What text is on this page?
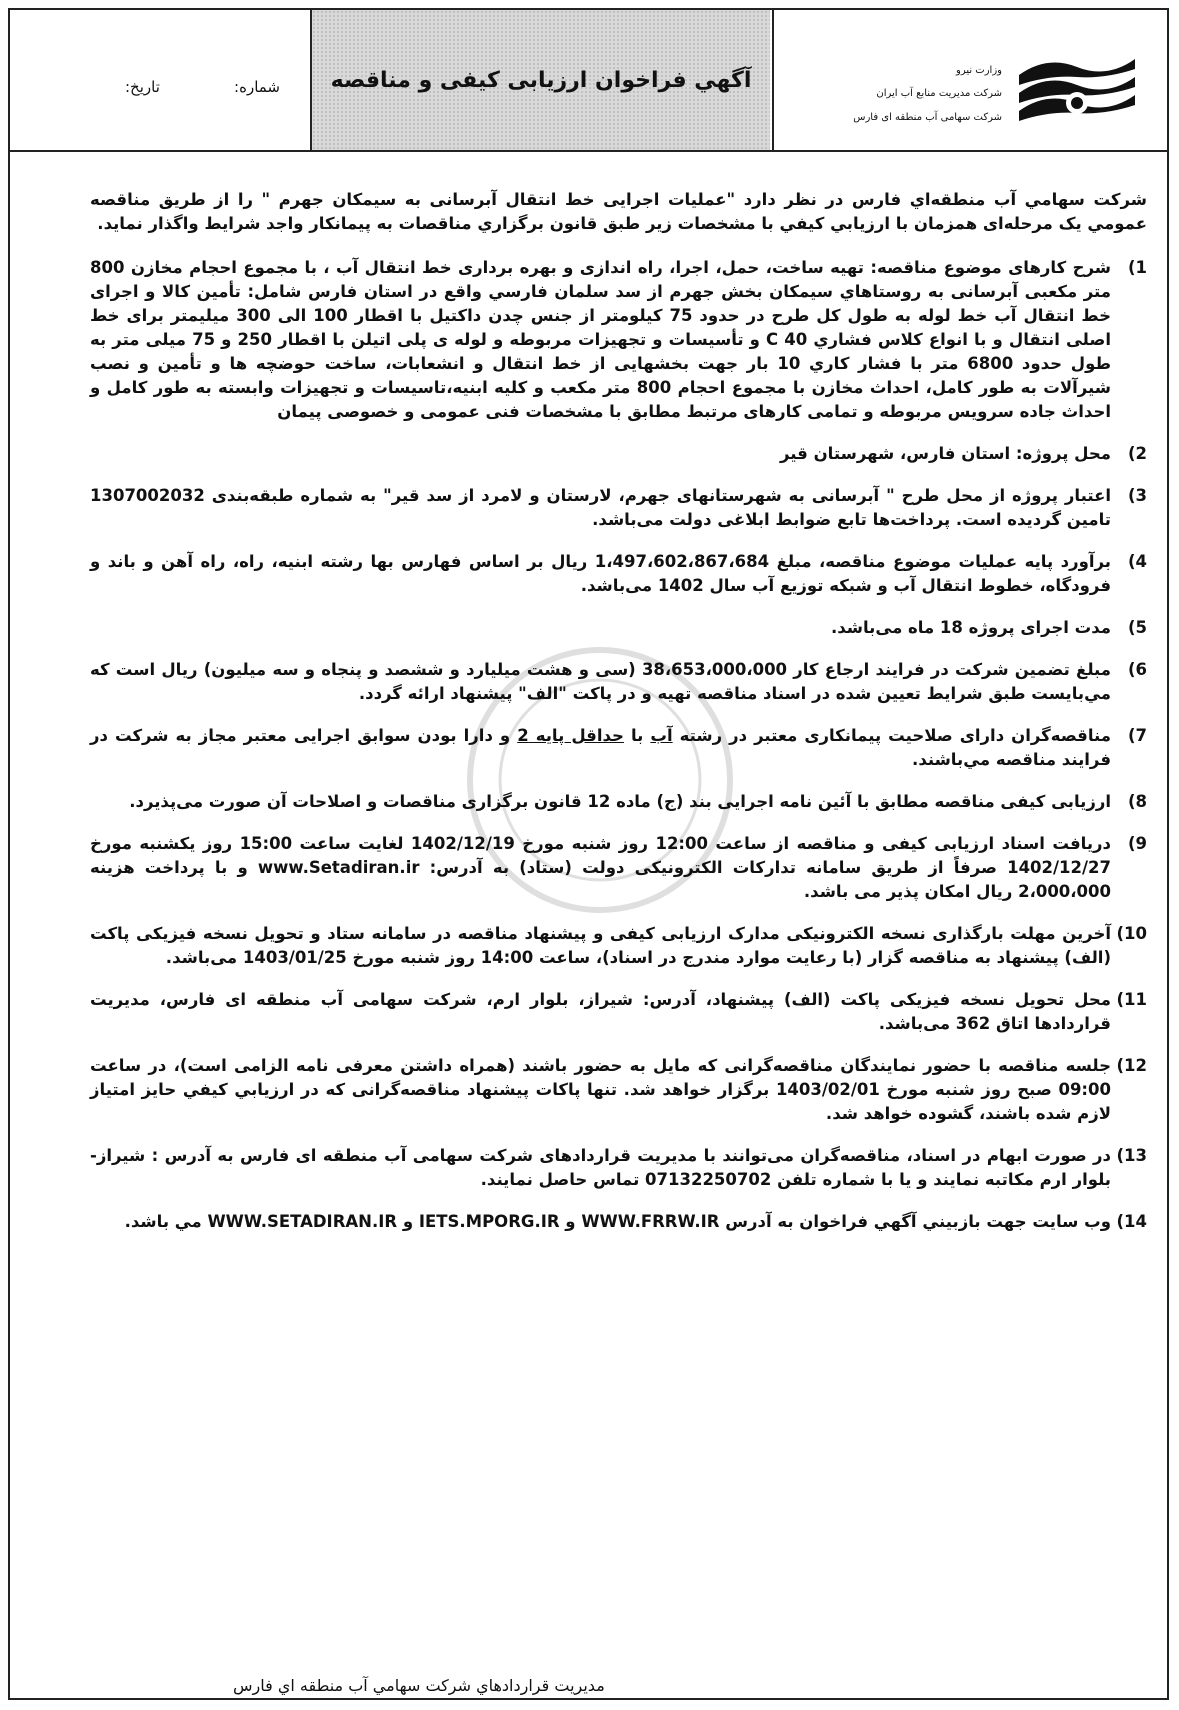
وزارت نیرو
شرکت مدیریت منابع آب ایران
شرکت سهامی آب منطقه ای فارس
آگهي فراخوان ارزیابی كيفی و مناقصه
شماره:
تاريخ:

شركت سهامي آب منطقه‌اي فارس در نظر دارد "عمليات اجرایی خط انتقال آبرسانی به سیمکان جهرم " را از طريق مناقصه عمومي يک مرحله‌ای همزمان با ارزيابي كيفي با مشخصات زير طبق قانون برگزاري مناقصات به پيمانكار واجد شرايط واگذار نمايد.

1)

شرح کارهای موضوع مناقصه: تهیه ساخت، حمل، اجرا، راه اندازی و بهره برداری خط انتقال آب ، با مجموع احجام مخازن 800 متر مکعبی آبرسانی به روستاهاي سيمكان بخش جهرم از سد سلمان فارسي واقع در استان فارس شامل: تأمین کالا و اجرای خط انتقال آب خط لوله به طول كل طرح در حدود 75 کیلومتر از جنس چدن داکتیل با اقطار 100 الی 300 میلیمتر برای خط اصلی انتقال و با انواع كلاس فشاري 40 C و تأسيسات و تجهيزات مربوطه و لوله ی پلی اتیلن با اقطار 250 و 75 میلی متر به طول حدود 6800 متر با فشار كاري 10 بار جهت بخشهایی از خط انتقال و انشعابات، ساخت حوضچه ها و تأمين و نصب شيرآلات به طور كامل، احداث مخازن با مجموع احجام 800 متر مکعب و کلیه ابنیه،تاسیسات و تجهیزات وابسته به طور کامل و احداث جاده سرویس مربوطه و تمامی کارهای مرتبط مطابق با مشخصات فنی عمومی و خصوصی پیمان

2)

محل پروژه: استان فارس، شهرستان قیر

3)

اعتبار پروژه از محل طرح " آبرسانی به شهرستانهای جهرم، لارستان و لامرد از سد قیر" به شماره طبقه‌بندی 1307002032 تامین گردیده است. پرداخت‌ها تابع ضوابط ابلاغی دولت می‌باشد.

4)

برآورد پایه عملیات موضوع مناقصه، مبلغ 1،497،602،867،684 ريال بر اساس فهارس بها رشته ابنیه، راه، راه آهن و باند و فرودگاه، خطوط انتقال آب و شبکه توزیع آب سال 1402 می‌باشد.

5)

مدت اجرای پروژه 18 ماه می‌باشد.

6)

مبلغ تضمين شركت در فرايند ارجاع كار 38،653،000،000 (سی و هشت میلیارد و ششصد و پنجاه و سه میلیون) ريال است كه مي‌بايست طبق شرايط تعيين شده در اسناد مناقصه تهيه و در پاكت "الف" پيشنهاد ارائه گردد.

7)

مناقصه‌گران دارای صلاحيت پيمانكاری معتبر در رشته آب با حداقل پایه 2 و دارا بودن سوابق اجرایی معتبر مجاز به شركت در فرايند مناقصه مي‌باشند.

8)

ارزیابی کیفی مناقصه مطابق با آئین نامه اجرایی بند (ج) ماده 12 قانون برگزاری مناقصات و اصلاحات آن صورت می‌پذیرد.

9)

دریافت اسناد ارزیابی کیفی و مناقصه از ساعت 12:00 روز شنبه مورخ 1402/12/19 لغایت ساعت 15:00 روز یکشنبه مورخ 1402/12/27 صرفاً از طريق سامانه تداركات الكترونيكی دولت (ستاد) به آدرس: www.Setadiran.ir و با پرداخت هزینه 2،000،000 ریال امکان پذیر می باشد.

10)

آخرین مهلت بارگذاری نسخه الکترونیکی مدارک ارزیابی کیفی و پیشنهاد مناقصه در سامانه ستاد و تحویل نسخه فیزیکی پاکت (الف) پیشنهاد به مناقصه گزار (با رعایت موارد مندرج در اسناد)، ساعت 14:00 روز شنبه مورخ 1403/01/25 می‌باشد.

11)

محل تحویل نسخه فیزیکی پاکت (الف) پیشنهاد، آدرس: شیراز، بلوار ارم، شرکت سهامی آب منطقه ای فارس، مدیریت قراردادها اتاق 362 می‌باشد.

12)

جلسه مناقصه با حضور نمایندگان مناقصه‌گرانی كه مايل به حضور باشند (همراه داشتن معرفی نامه الزامی است)، در ساعت 09:00 صبح روز شنبه مورخ 1403/02/01 برگزار خواهد شد. تنها پاكات پیشنهاد مناقصه‌گرانی كه در ارزيابي كيفي حايز امتیاز لازم شده باشند، گشوده خواهد شد.

13)

در صورت ابهام در اسناد، مناقصه‌گران می‌توانند با مديريت قراردادهای شركت سهامی آب منطقه ای فارس به آدرس : شیراز- بلوار ارم مكاتبه نمايند و يا با شماره تلفن 07132250702 تماس حاصل نمايند.

14)

وب سايت جهت بازبيني آگهي فراخوان به آدرس WWW.FRRW.IR و IETS.MPORG.IR و WWW.SETADIRAN.IR مي باشد.

مديريت قراردادهاي شركت سهامي آب منطقه اي فارس
